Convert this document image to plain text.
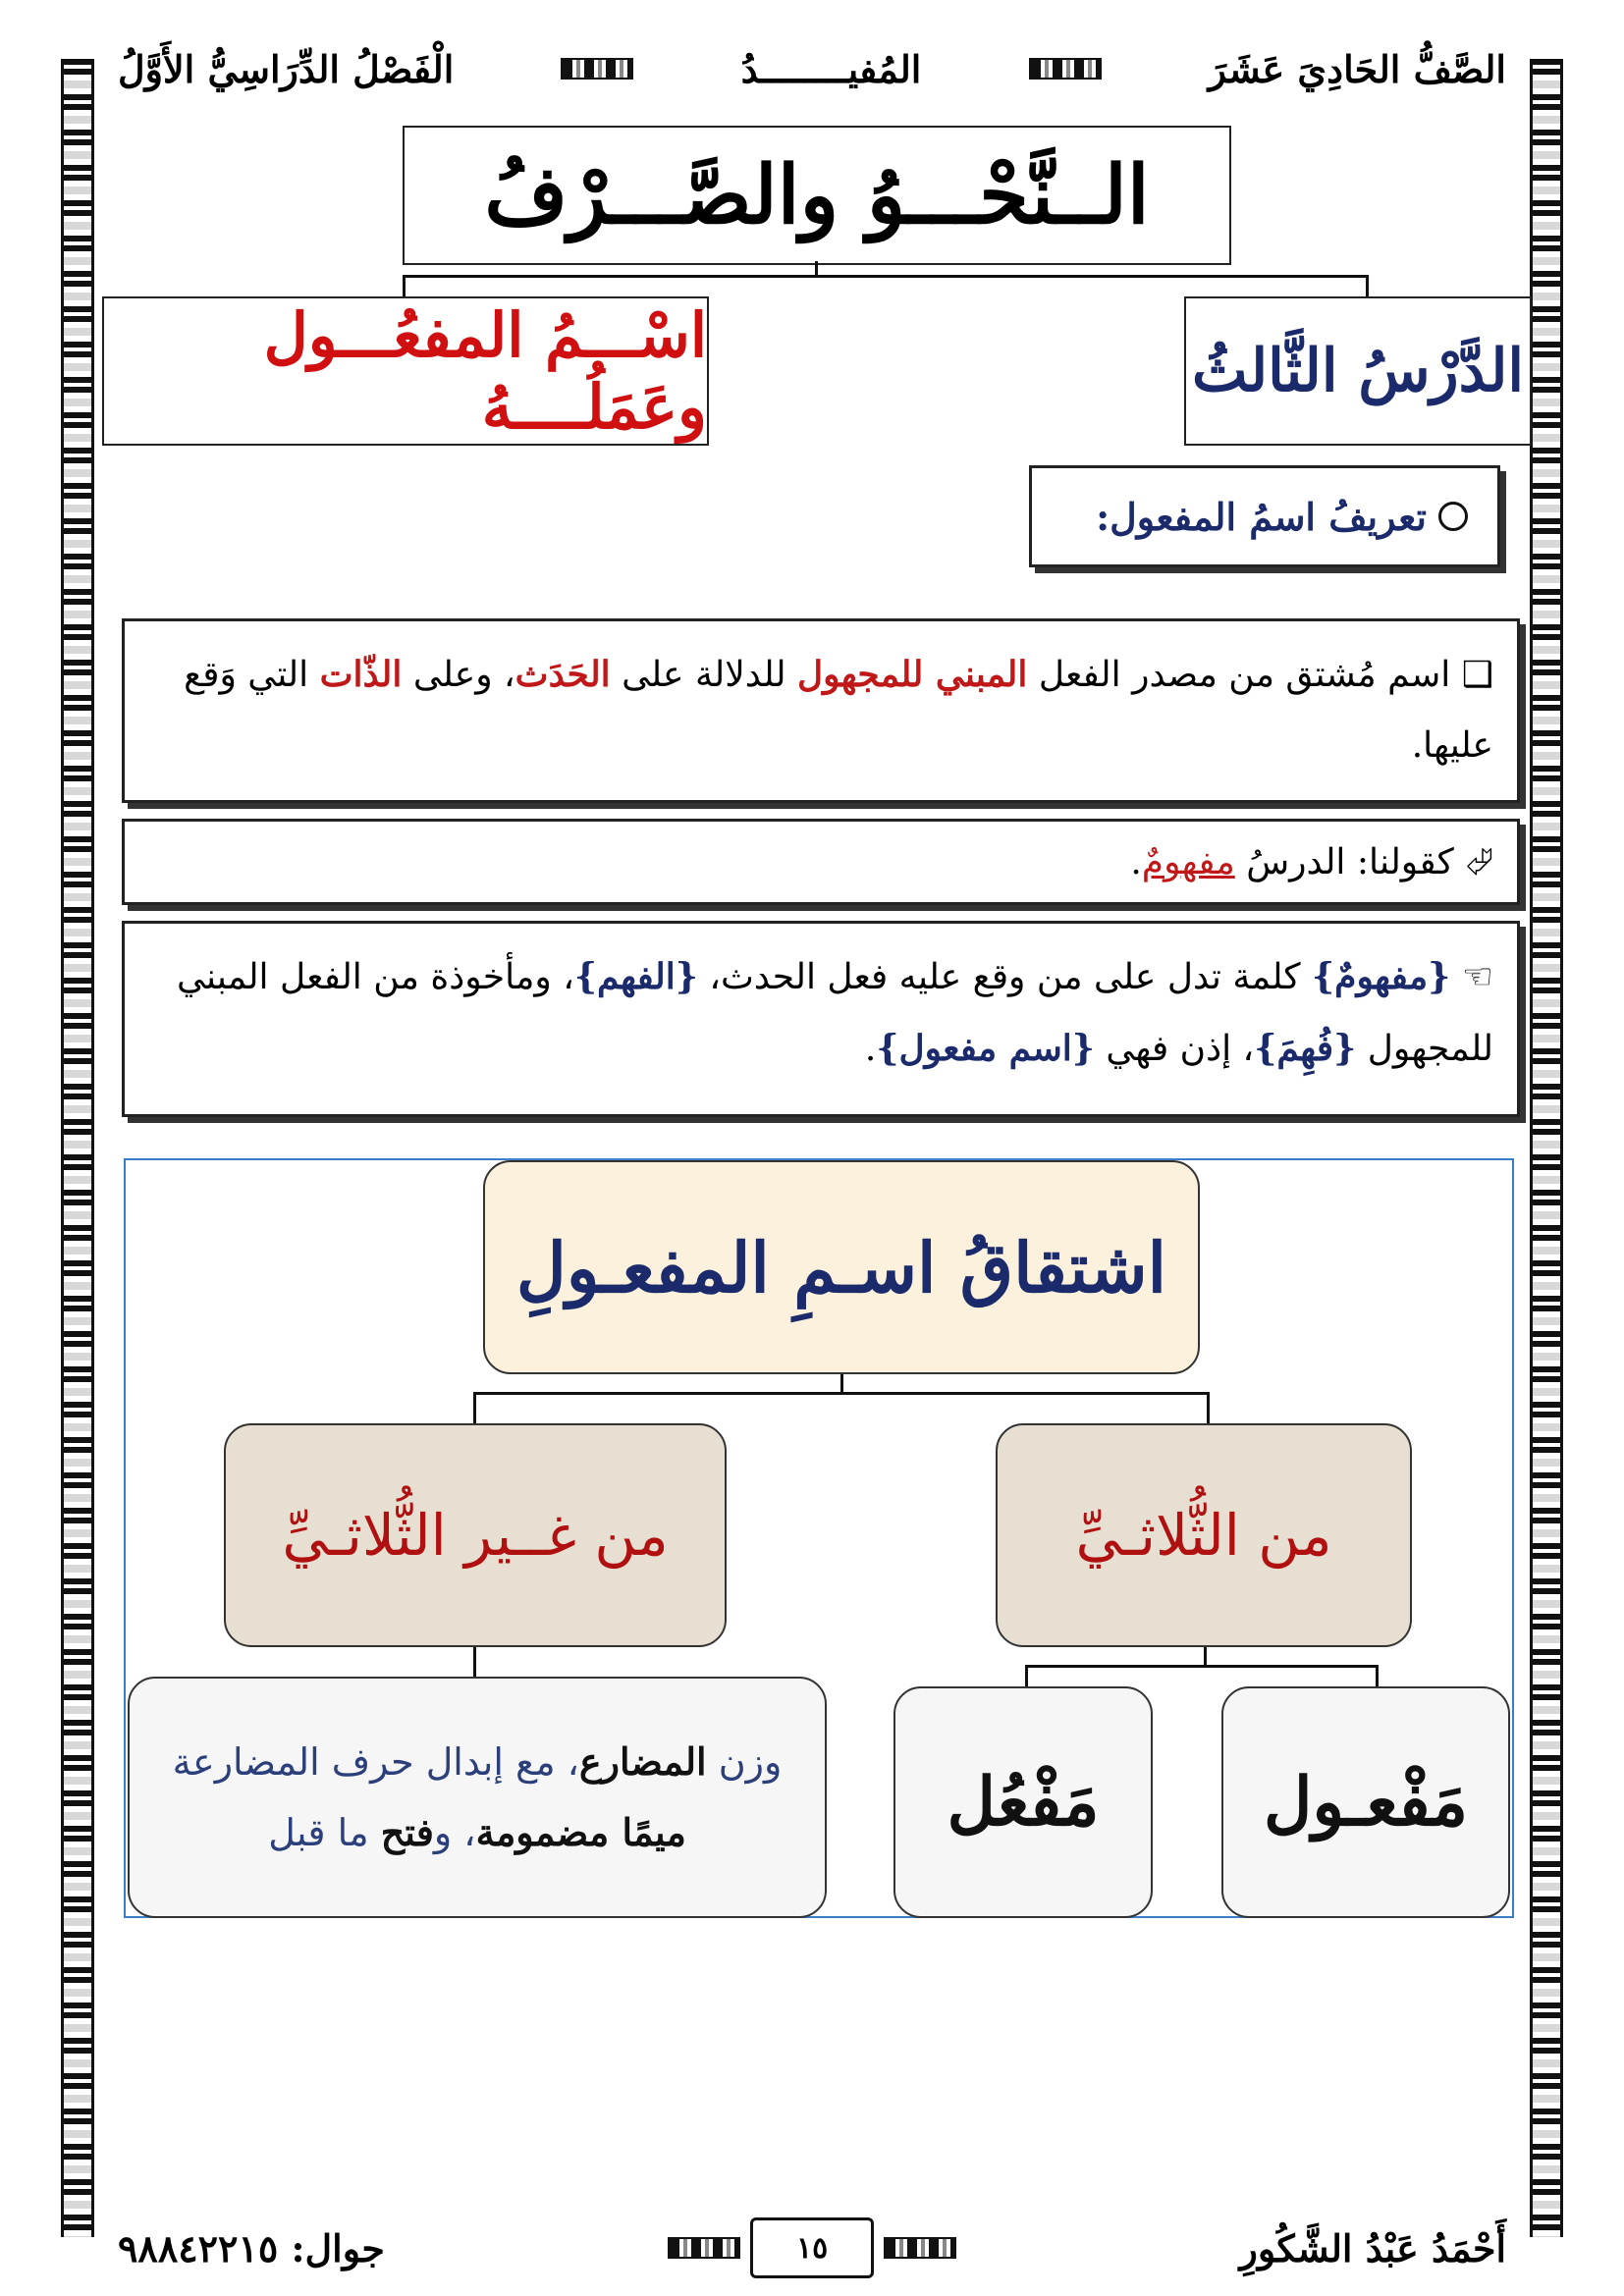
الصَّفُّ الحَادِيَ عَشَرَ
المُفيــــــــدُ
الْفَصْلُ الدِّرَاسِيُّ الأَوَّلُ
الــنَّحْـــوُ والصَّـــرْفُ
الدَّرْسُ الثَّالثُ
اسْـــمُ المفعُـــول وعَمَلُــــهُ
تعريفُ اسمُ المفعول:
❑ اسم مُشتق من مصدر الفعل المبني للمجهول للدلالة على الحَدَث، وعلى الذّات التي وَقع عليها.
⮰ كقولنا: الدرسُ مفهومٌ.
☜ {مفهومٌ} كلمة تدل على من وقع عليه فعل الحدث، {الفهم}، ومأخوذة من الفعل المبني للمجهول {فُهِمَ}، إذن فهي {اسم مفعول}.
اشتقاقُ اسـمِ المفعـولِ
من غــير الثُّلاثـيِّ	من الثُّلاثـيِّ
وزن المضارع، مع إبدال حرف المضارعة ميمًا مضمومة، وفتح ما قبل	مَفْعُل	مَفْعـول
أَحْمَدُ عَبْدُ الشَّكُورِ
١٥
جوال: ٩٨٨٤٢٢١٥
